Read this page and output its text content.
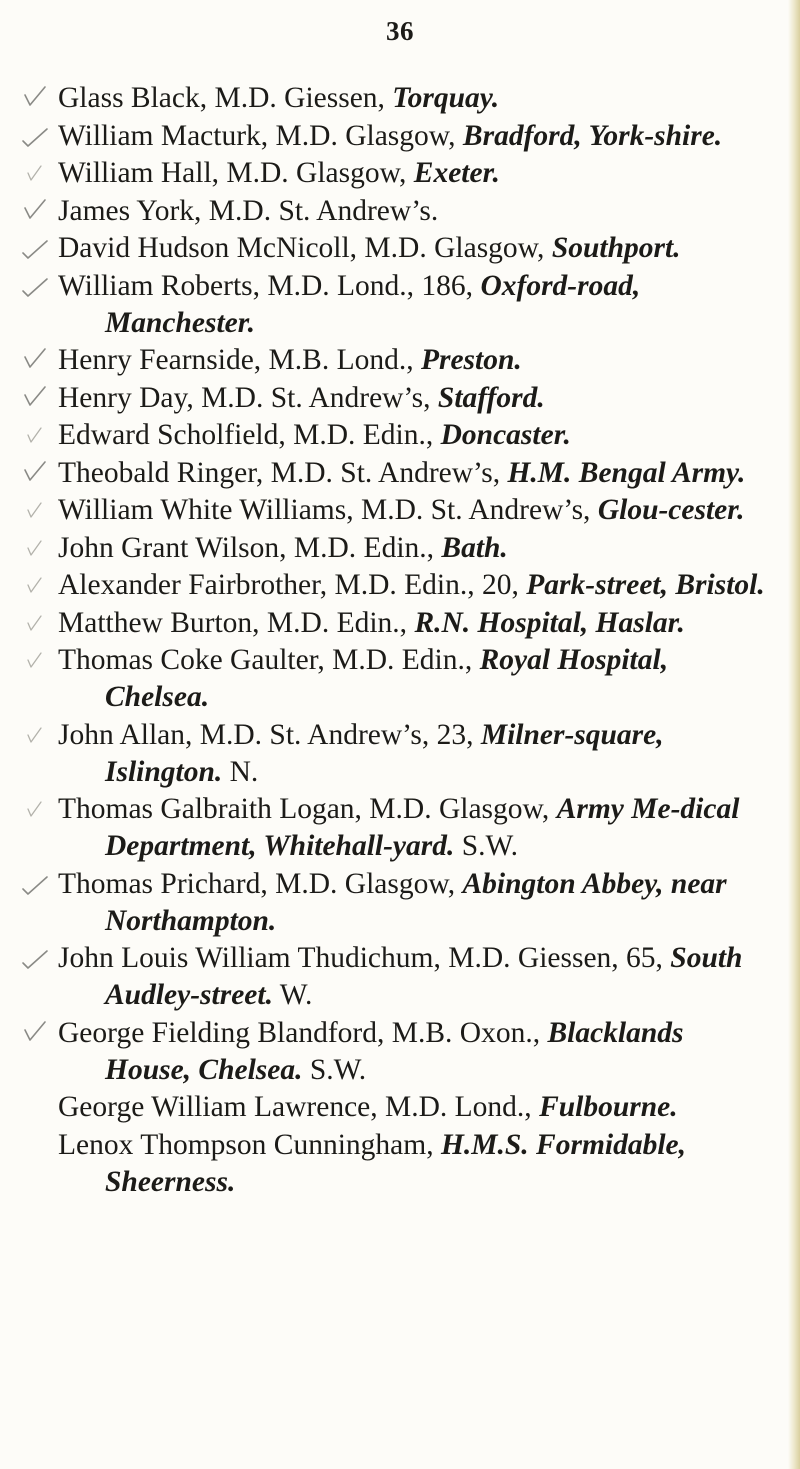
36
Glass Black, M.D. Giessen, Torquay.
William Macturk, M.D. Glasgow, Bradford, York-shire.
William Hall, M.D. Glasgow, Exeter.
James York, M.D. St. Andrew’s.
David Hudson McNicoll, M.D. Glasgow, Southport.
William Roberts, M.D. Lond., 186, Oxford-road, Manchester.
Henry Fearnside, M.B. Lond., Preston.
Henry Day, M.D. St. Andrew’s, Stafford.
Edward Scholfield, M.D. Edin., Doncaster.
Theobald Ringer, M.D. St. Andrew’s, H.M. Bengal Army.
William White Williams, M.D. St. Andrew’s, Glou-cester.
John Grant Wilson, M.D. Edin., Bath.
Alexander Fairbrother, M.D. Edin., 20, Park-street, Bristol.
Matthew Burton, M.D. Edin., R.N. Hospital, Haslar.
Thomas Coke Gaulter, M.D. Edin., Royal Hospital, Chelsea.
John Allan, M.D. St. Andrew’s, 23, Milner-square, Islington. N.
Thomas Galbraith Logan, M.D. Glasgow, Army Me-dical Department, Whitehall-yard. S.W.
Thomas Prichard, M.D. Glasgow, Abington Abbey, near Northampton.
John Louis William Thudichum, M.D. Giessen, 65, South Audley-street. W.
George Fielding Blandford, M.B. Oxon., Blacklands House, Chelsea. S.W.
George William Lawrence, M.D. Lond., Fulbourne.
Lenox Thompson Cunningham, H.M.S. Formidable, Sheerness.
